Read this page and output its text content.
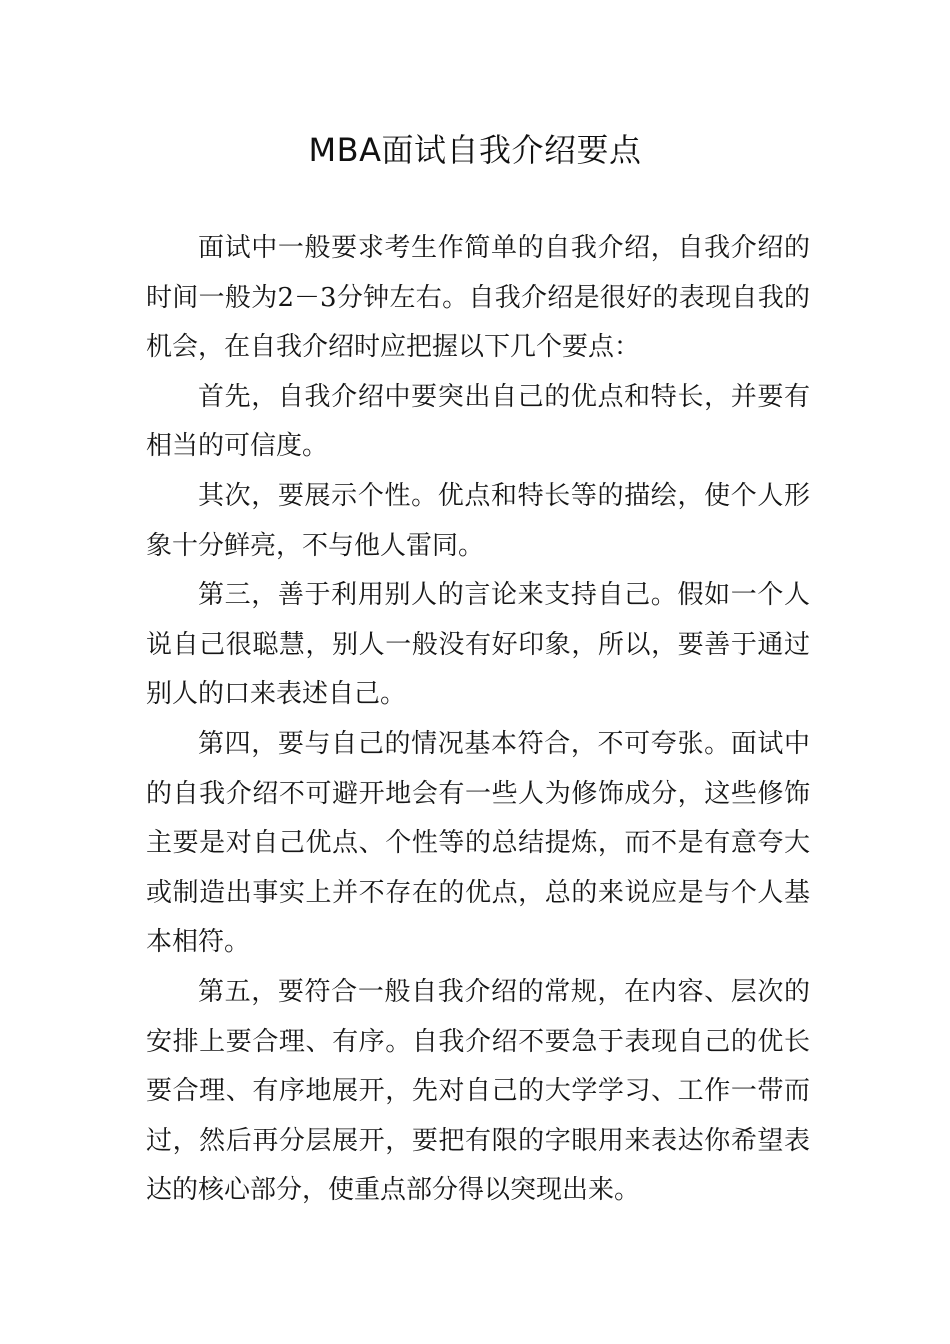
MBA面试自我介绍要点

面试中一般要求考生作简单的自我介绍，自我介绍的时间一般为2－3分钟左右。自我介绍是很好的表现自我的机会，在自我介绍时应把握以下几个要点：

首先，自我介绍中要突出自己的优点和特长，并要有相当的可信度。

其次，要展示个性。优点和特长等的描绘，使个人形象十分鲜亮，不与他人雷同。

第三，善于利用别人的言论来支持自己。假如一个人说自己很聪慧，别人一般没有好印象，所以，要善于通过别人的口来表述自己。

第四，要与自己的情况基本符合，不可夸张。面试中的自我介绍不可避开地会有一些人为修饰成分，这些修饰主要是对自己优点、个性等的总结提炼，而不是有意夸大或制造出事实上并不存在的优点，总的来说应是与个人基本相符。

第五，要符合一般自我介绍的常规，在内容、层次的安排上要合理、有序。自我介绍不要急于表现自己的优长要合理、有序地展开，先对自己的大学学习、工作一带而过，然后再分层展开，要把有限的字眼用来表达你希望表达的核心部分，使重点部分得以突现出来。
